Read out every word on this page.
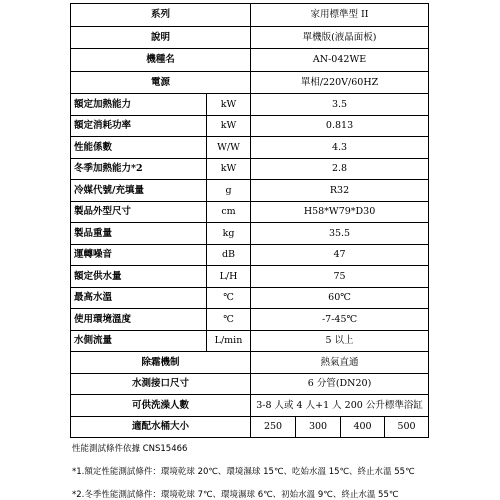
系列		家用標準型 II			
說明		單機版(液晶面板)			
機種名		AN-042WE			
電源		單相/220V/60HZ			
額定加熱能力	kW	3.5			
額定消耗功率	kW	0.813			
性能係數	W/W	4.3			
冬季加熱能力*2	kW	2.8			
冷媒代號/充填量	g	R32			
製品外型尺寸	cm	H58*W79*D30			
製品重量	kg	35.5			
運轉噪音	dB	47			
額定供水量	L/H	75			
最高水溫	℃	60℃			
使用環境溫度	℃	-7-45℃			
水側流量	L/min	5 以上			
除霜機制		熱氣直通			
水測接口尺寸		6 分管(DN20)			
可供洗澡人數		3-8 人或 4 人+1 人 200 公升標準浴缸			
適配水桶大小		250	300	400	500
性能測試條件依據 CNS15466
*1.額定性能測試條件：環境乾球 20℃、環境濕球 15℃、吃始水溫 15℃、終止水溫 55℃
*2.冬季性能測試條件：環境乾球 7℃、環境濕球 6℃、初始水溫 9℃、終止水溫 55℃
